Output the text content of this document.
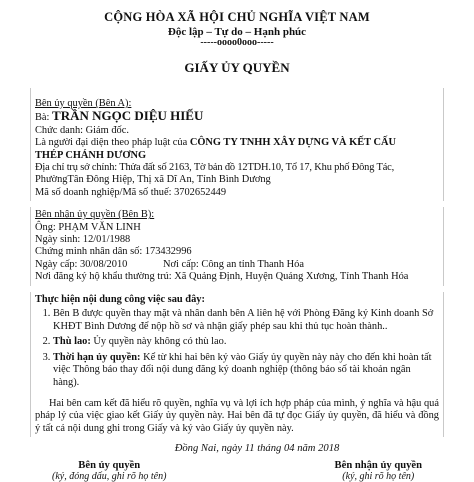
CỘNG HÒA XÃ HỘI CHỦ NGHĨA VIỆT NAM
Độc lập – Tự do – Hạnh phúc
-----oooo0ooo-----
GIẤY ỦY QUYỀN
Bên ủy quyền (Bên A):
Bà: TRẦN NGỌC DIỆU HIẾU
Chức danh: Giám đốc.
Là người đại diện theo pháp luật của CÔNG TY TNHH XÂY DỰNG VÀ KẾT CẤU
THÉP CHÁNH DƯƠNG
Địa chỉ trụ sở chính: Thửa đất số 2163, Tờ bản đồ 12TDH.10, Tổ 17, Khu phố Đông Tác,
PhườngTân Đông Hiệp, Thị xã Dĩ An, Tỉnh Bình Dương
Mã số doanh nghiệp/Mã số thuế: 3702652449
Bên nhận ủy quyền (Bên B):
Ông: PHẠM VĂN LINH
Ngày sinh: 12/01/1988
Chứng minh nhân dân số: 173432996
Ngày cấp: 30/08/2010	Nơi cấp: Công an tỉnh Thanh Hóa
Nơi đăng ký hộ khẩu thường trú: Xã Quảng Định, Huyện Quảng Xương, Tỉnh Thanh Hóa
Thực hiện nội dung công việc sau đây:
1. Bên B được quyền thay mặt và nhân danh bên A liên hệ với Phòng Đăng ký Kinh doanh Sở KHĐT Bình Dương để nộp hồ sơ và nhận giấy phép sau khi thủ tục hoàn thành..
2. Thù lao: Ủy quyền này không có thù lao.
3. Thời hạn ủy quyền: Kể từ khi hai bên ký vào Giấy ủy quyền này này cho đến khi hoàn tất việc Thông báo thay đổi nội dung đăng ký doanh nghiệp (thông báo số tài khoản ngân hàng).

Hai bên cam kết đã hiểu rõ quyền, nghĩa vụ và lợi ích hợp pháp của mình, ý nghĩa và hậu quả pháp lý của việc giao kết Giấy ủy quyền này. Hai bên đã tự đọc Giấy ủy quyền, đã hiểu và đồng ý tất cả nội dung ghi trong Giấy và ký vào Giấy ủy quyền này.

Đồng Nai, ngày 11 tháng 04 năm 2018
Bên ủy quyền
(ký, đóng dấu, ghi rõ họ tên)
Bên nhận ủy quyền
(ký, ghi rõ họ tên)
